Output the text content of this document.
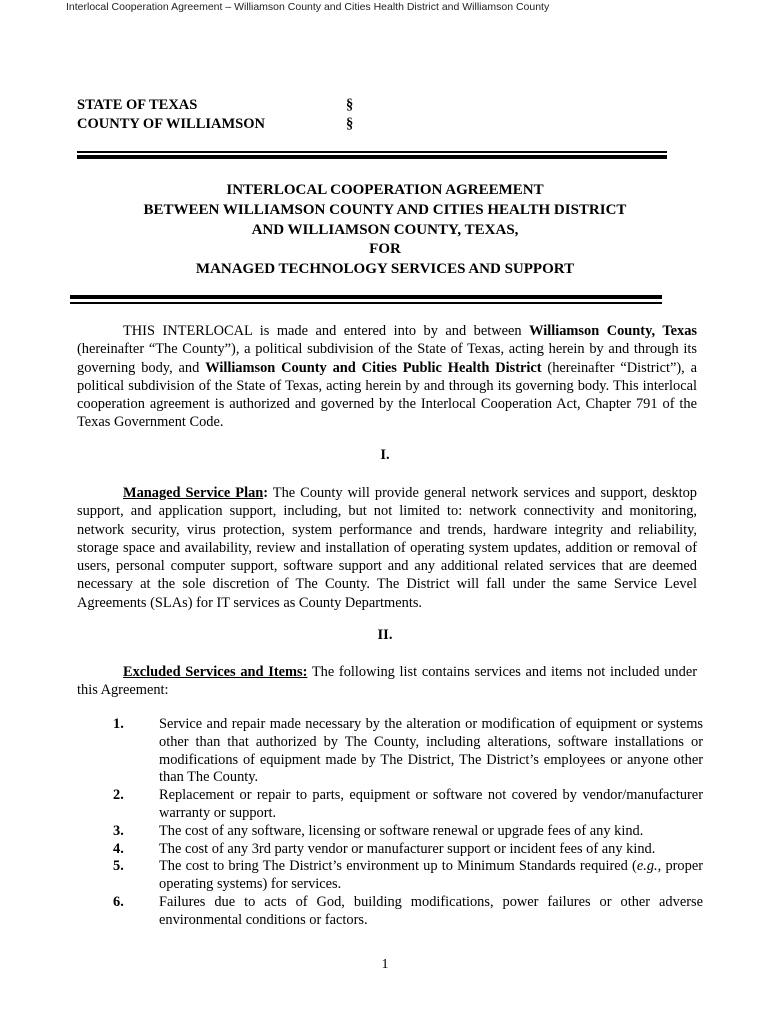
Interlocal Cooperation Agreement – Williamson County and Cities Health District and Williamson County
STATE OF TEXAS	§
COUNTY OF WILLIAMSON	§
INTERLOCAL COOPERATION AGREEMENT
BETWEEN WILLIAMSON COUNTY AND CITIES HEALTH DISTRICT
AND WILLIAMSON COUNTY, TEXAS,
FOR
MANAGED TECHNOLOGY SERVICES AND SUPPORT
THIS INTERLOCAL is made and entered into by and between Williamson County, Texas (hereinafter “The County”), a political subdivision of the State of Texas, acting herein by and through its governing body, and Williamson County and Cities Public Health District (hereinafter “District”), a political subdivision of the State of Texas, acting herein by and through its governing body. This interlocal cooperation agreement is authorized and governed by the Interlocal Cooperation Act, Chapter 791 of the Texas Government Code.
I.
Managed Service Plan: The County will provide general network services and support, desktop support, and application support, including, but not limited to: network connectivity and monitoring, network security, virus protection, system performance and trends, hardware integrity and reliability, storage space and availability, review and installation of operating system updates, addition or removal of users, personal computer support, software support and any additional related services that are deemed necessary at the sole discretion of The County. The District will fall under the same Service Level Agreements (SLAs) for IT services as County Departments.
II.
Excluded Services and Items: The following list contains services and items not included under this Agreement:
1. Service and repair made necessary by the alteration or modification of equipment or systems other than that authorized by The County, including alterations, software installations or modifications of equipment made by The District, The District’s employees or anyone other than The County.
2. Replacement or repair to parts, equipment or software not covered by vendor/manufacturer warranty or support.
3. The cost of any software, licensing or software renewal or upgrade fees of any kind.
4. The cost of any 3rd party vendor or manufacturer support or incident fees of any kind.
5. The cost to bring The District’s environment up to Minimum Standards required (e.g., proper operating systems) for services.
6. Failures due to acts of God, building modifications, power failures or other adverse environmental conditions or factors.
1
